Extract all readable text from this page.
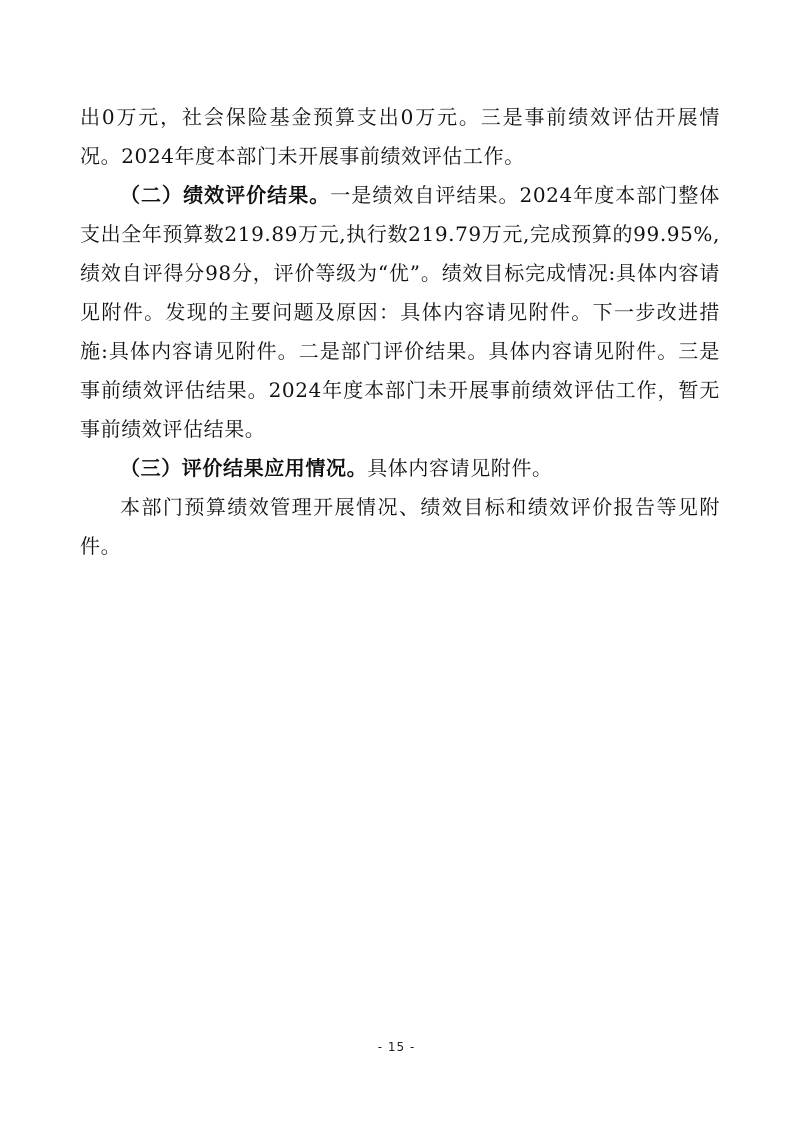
出0万元，社会保险基金预算支出0万元。三是事前绩效评估开展情况。2024年度本部门未开展事前绩效评估工作。

（二）绩效评价结果。一是绩效自评结果。2024年度本部门整体支出全年预算数219.89万元,执行数219.79万元,完成预算的99.95%,绩效自评得分98分，评价等级为“优”。绩效目标完成情况:具体内容请见附件。发现的主要问题及原因：具体内容请见附件。下一步改进措施:具体内容请见附件。二是部门评价结果。具体内容请见附件。三是事前绩效评估结果。2024年度本部门未开展事前绩效评估工作，暂无事前绩效评估结果。

（三）评价结果应用情况。具体内容请见附件。

本部门预算绩效管理开展情况、绩效目标和绩效评价报告等见附件。

- 15 -
